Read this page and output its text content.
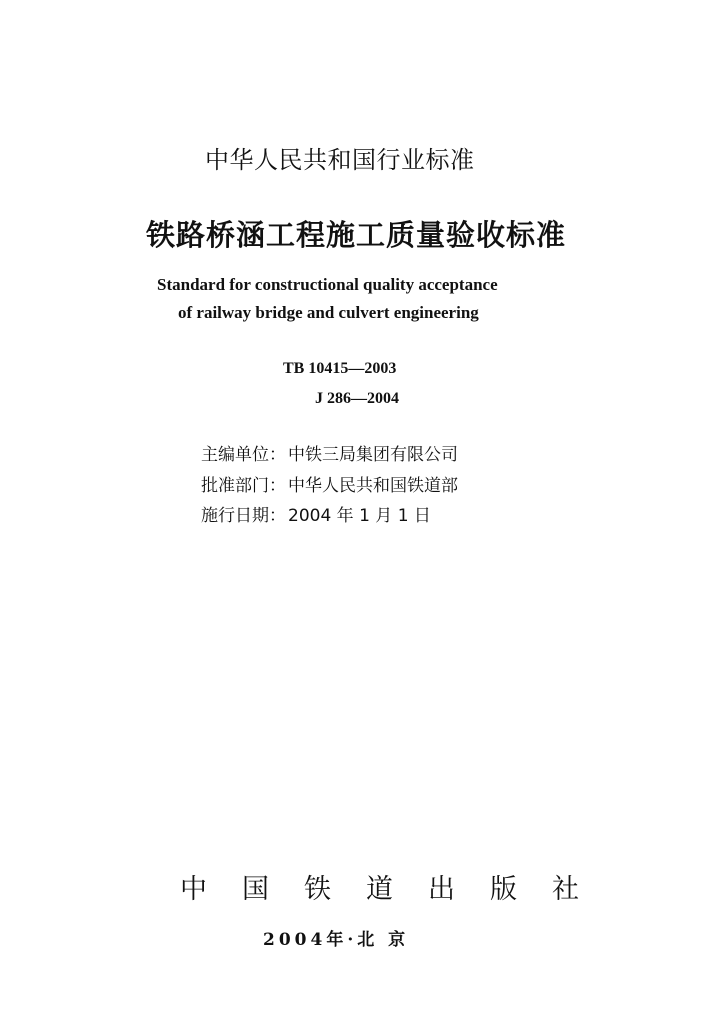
中华人民共和国行业标准
铁路桥涵工程施工质量验收标准
Standard for constructional quality acceptance
of railway bridge and culvert engineering
TB 10415—2003
J 286—2004
主编单位： 中铁三局集团有限公司
批准部门： 中华人民共和国铁道部
施行日期： 2004 年 1 月 1 日
中国铁道出版社
2004年·北 京
